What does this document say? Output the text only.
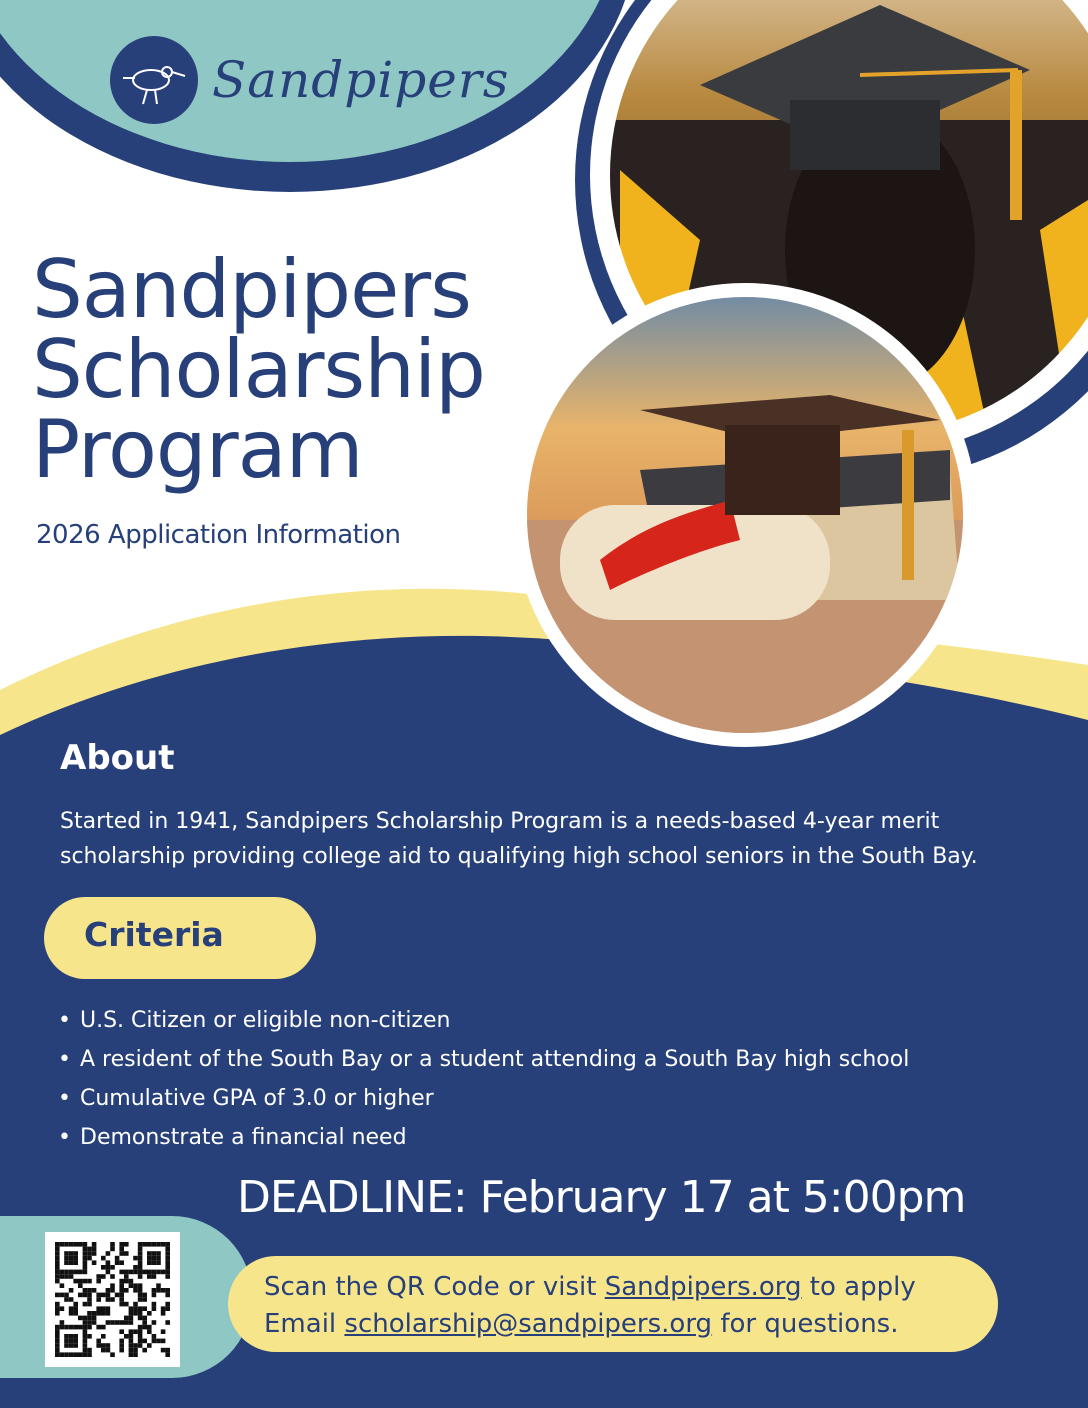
Sandpipers
Sandpipers
Scholarship
Program
2026 Application Information
About
Started in 1941, Sandpipers Scholarship Program is a needs-based 4-year merit scholarship providing college aid to qualifying high school seniors in the South Bay.
Criteria
• U.S. Citizen or eligible non-citizen
• A resident of the South Bay or a student attending a South Bay high school
• Cumulative GPA of 3.0 or higher
• Demonstrate a financial need
DEADLINE: February 17 at 5:00pm
Scan the QR Code or visit Sandpipers.org to apply
Email scholarship@sandpipers.org for questions.
